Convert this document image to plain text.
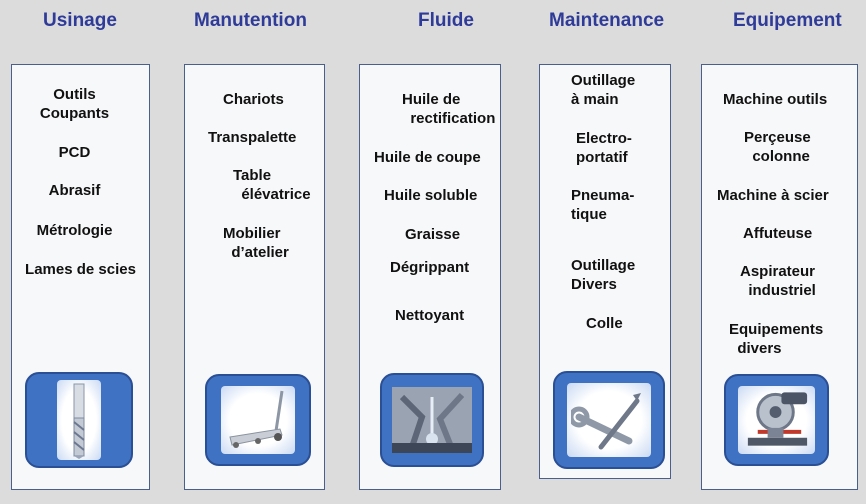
Usinage	Manutention	Fluide	Maintenance	Equipement
Outils
Coupants
PCD
Abrasif
Métrologie
Lames de scies
Chariots
Transpalette
Table
élévatrice
Mobilier
d’atelier
Huile de
rectification
Huile de coupe
Huile soluble
Graisse
Dégrippant
Nettoyant
Outillage
à main
Electro-
portatif
Pneuma-
tique
Outillage
Divers
Colle
Machine outils
Perçeuse
colonne
Machine à scier
Affuteuse
Aspirateur
industriel
Equipements
divers
